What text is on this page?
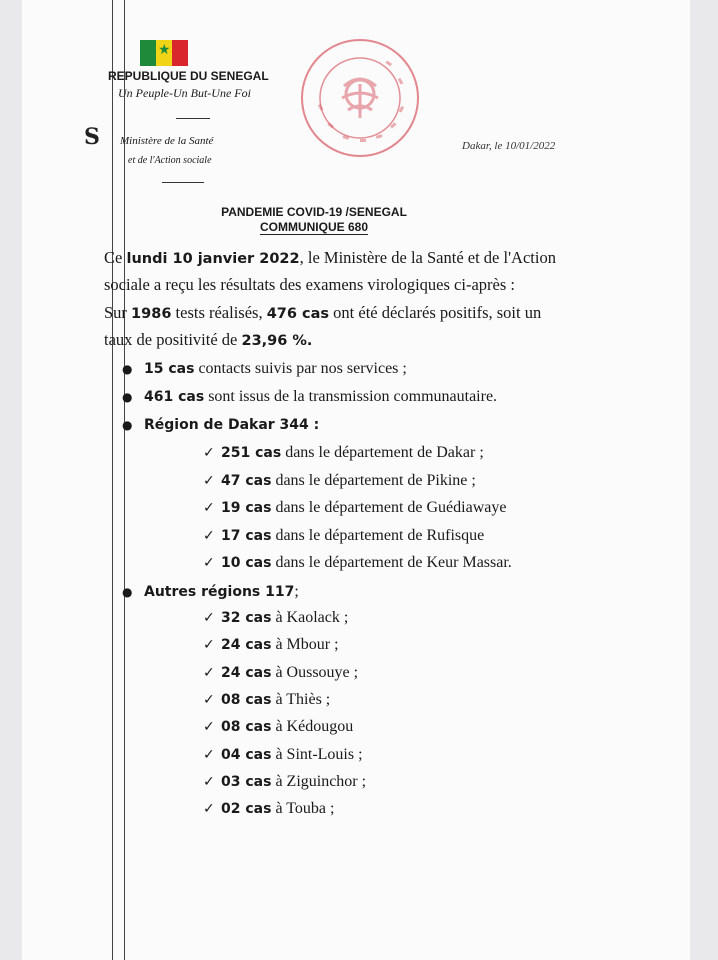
★
REPUBLIQUE DU SENEGAL
Un Peuple-Un But-Une Foi
S Ministère de la Santé
et de l'Action sociale
Dakar, le 10/01/2022
PANDEMIE COVID-19 /SENEGAL
COMMUNIQUE 680
Ce lundi 10 janvier 2022, le Ministère de la Santé et de l'Action
sociale a reçu les résultats des examens virologiques ci-après :
Sur 1986 tests réalisés, 476 cas ont été déclarés positifs, soit un
taux de positivité de 23,96 %.
● 15 cas contacts suivis par nos services ;
● 461 cas sont issus de la transmission communautaire.
● Région de Dakar 344 :
✓ 251 cas dans le département de Dakar ;
✓ 47 cas dans le département de Pikine ;
✓ 19 cas dans le département de Guédiawaye
✓ 17 cas dans le département de Rufisque
✓ 10 cas dans le département de Keur Massar.
● Autres régions 117;
✓ 32 cas à Kaolack ;
✓ 24 cas à Mbour ;
✓ 24 cas à Oussouye ;
✓ 08 cas à Thiès ;
✓ 08 cas à Kédougou
✓ 04 cas à Sint-Louis ;
✓ 03 cas à Ziguinchor ;
✓ 02 cas à Touba ;
